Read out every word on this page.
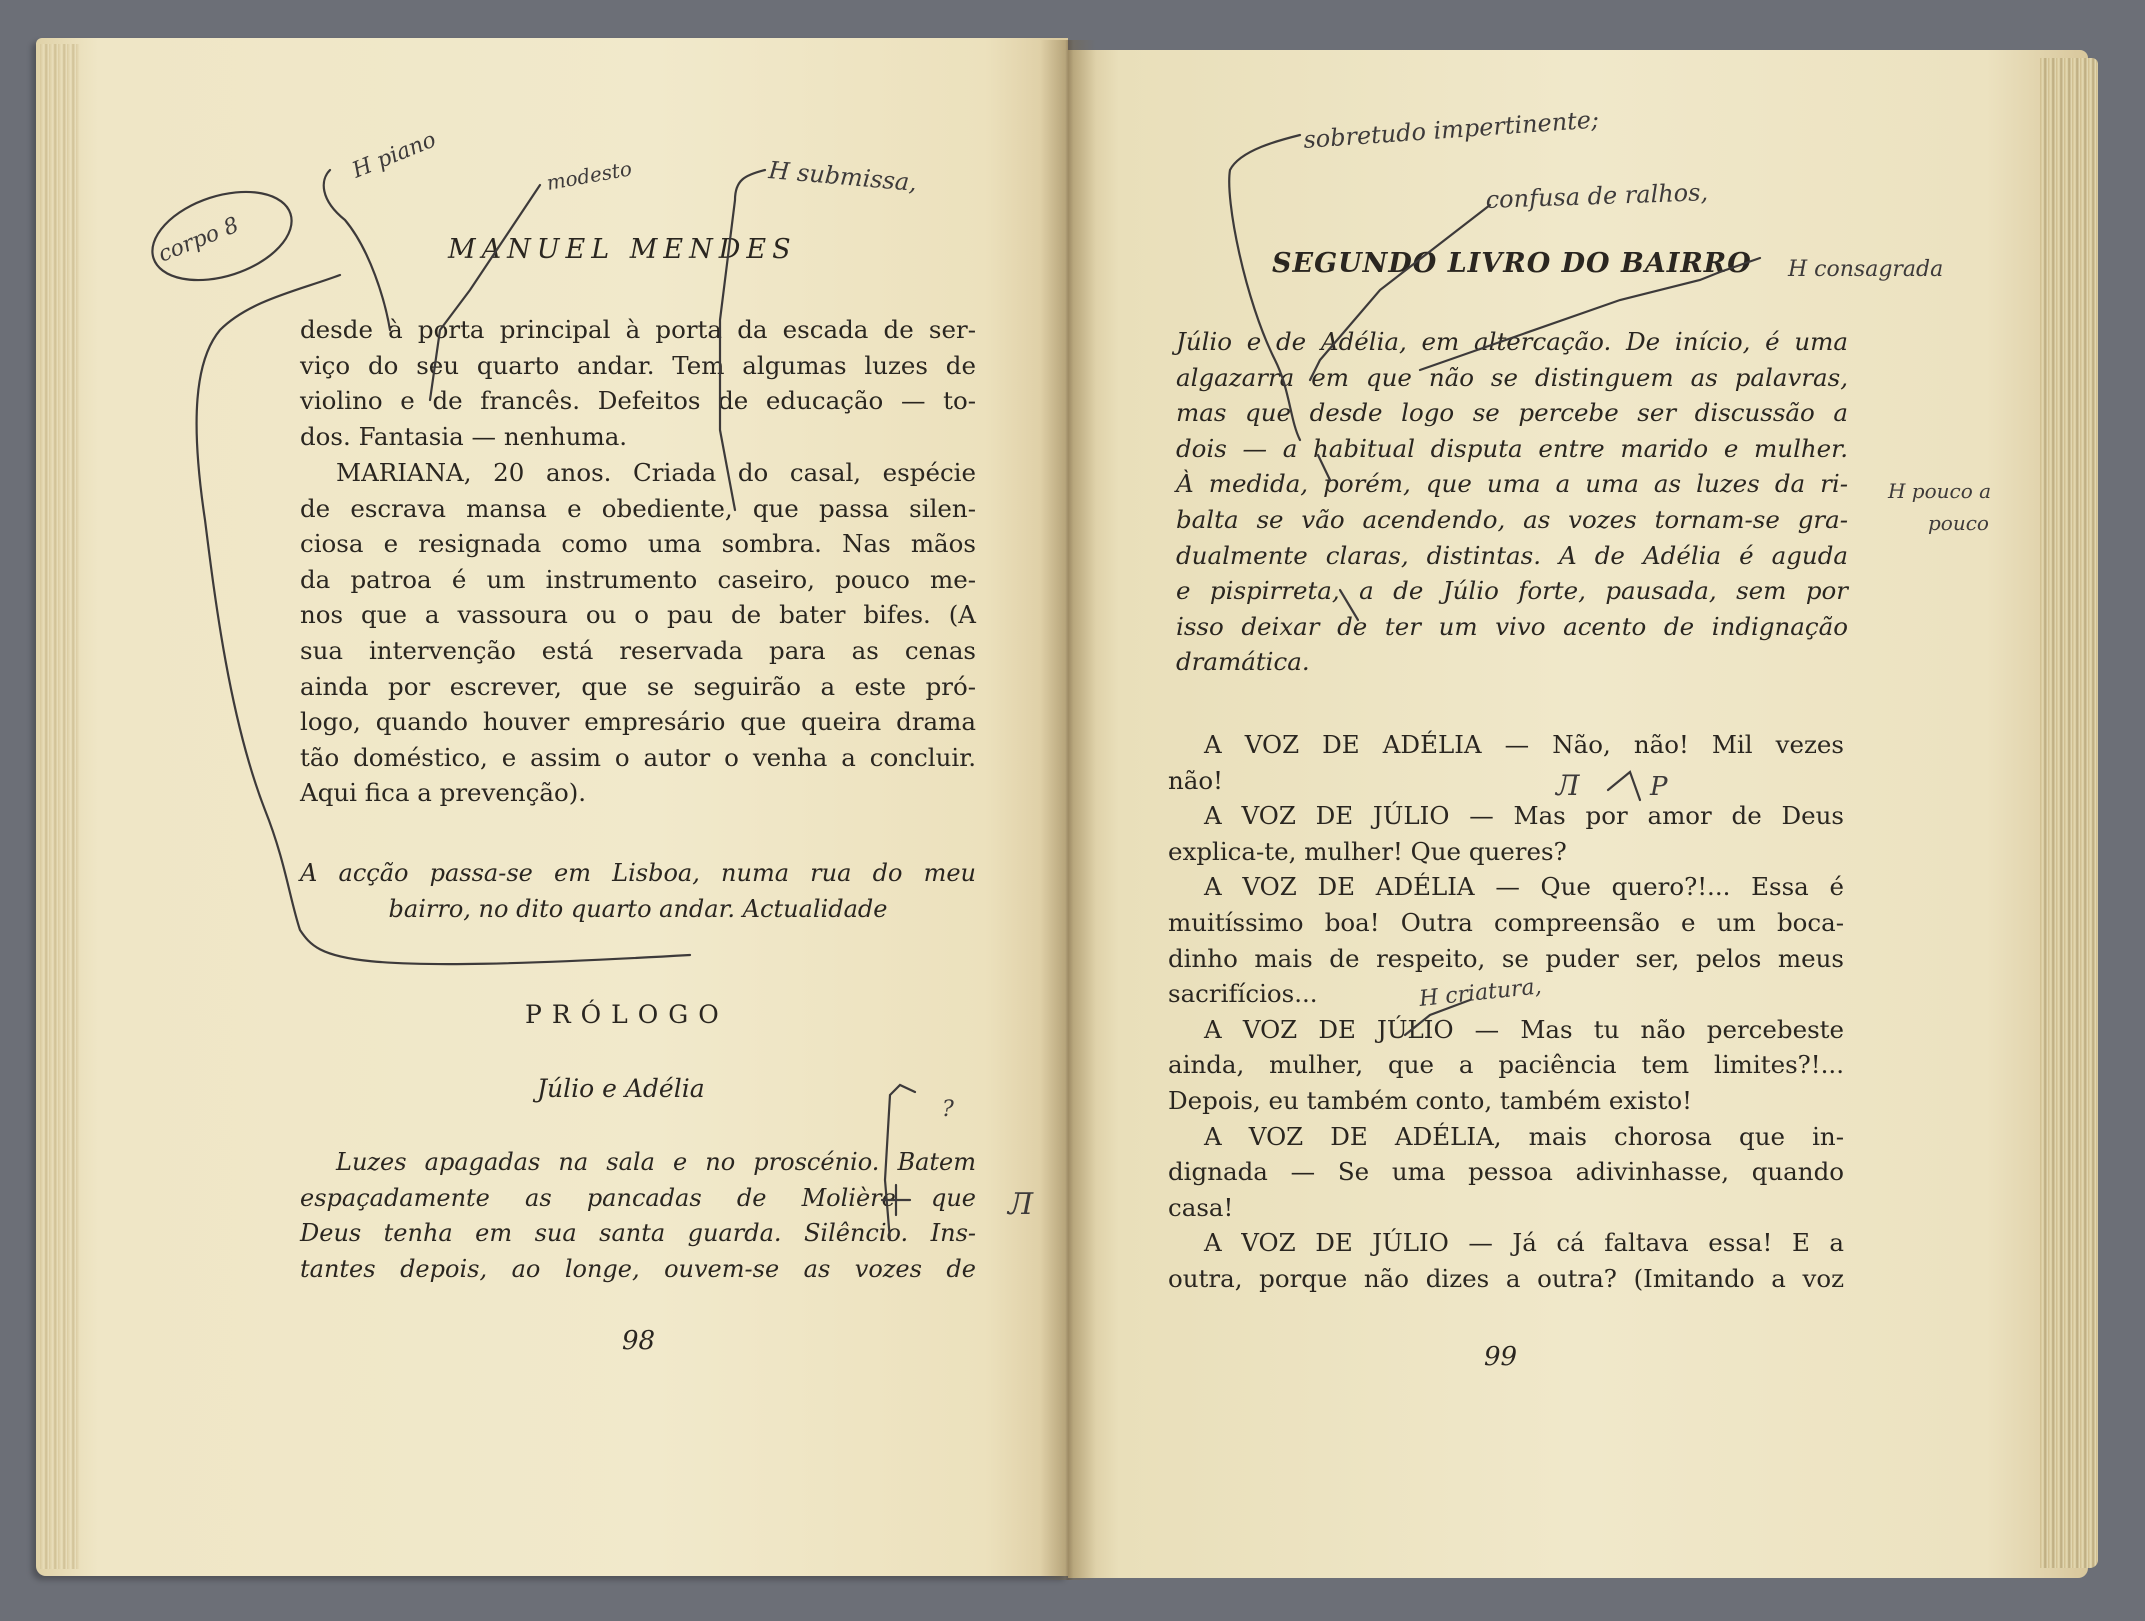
MANUEL MENDES
desde à porta principal à porta da escada de ser-
viço do seu quarto andar. Tem algumas luzes de
violino e de francês. Defeitos de educação — to-
dos. Fantasia — nenhuma.
MARIANA, 20 anos. Criada do casal, espécie
de escrava mansa e obediente, que passa silen-
ciosa e resignada como uma sombra. Nas mãos
da patroa é um instrumento caseiro, pouco me-
nos que a vassoura ou o pau de bater bifes. (A
sua intervenção está reservada para as cenas
ainda por escrever, que se seguirão a este pró-
logo, quando houver empresário que queira drama
tão doméstico, e assim o autor o venha a concluir.
Aqui fica a prevenção).
A acção passa-se em Lisboa, numa rua do meu
bairro, no dito quarto andar. Actualidade
PRÓLOGO
Júlio e Adélia
Luzes apagadas na sala e no proscénio. Batem
espaçadamente as pancadas de Molière que
Deus tenha em sua santa guarda. Silêncio. Ins-
tantes depois, ao longe, ouvem-se as vozes de
98
SEGUNDO LIVRO DO BAIRRO
Júlio e de Adélia, em altercação. De início, é uma
algazarra em que não se distinguem as palavras,
mas que desde logo se percebe ser discussão a
dois — a habitual disputa entre marido e mulher.
À medida, porém, que uma a uma as luzes da ri-
balta se vão acendendo, as vozes tornam-se gra-
dualmente claras, distintas. A de Adélia é aguda
e pispirreta, a de Júlio forte, pausada, sem por
isso deixar de ter um vivo acento de indignação
dramática.
A VOZ DE ADÉLIA — Não, não! Mil vezes
não!
A VOZ DE JÚLIO — Mas por amor de Deus
explica-te, mulher! Que queres?
A VOZ DE ADÉLIA — Que quero?!... Essa é
muitíssimo boa! Outra compreensão e um boca-
dinho mais de respeito, se puder ser, pelos meus
sacrifícios...
A VOZ DE JÚLIO — Mas tu não percebeste
ainda, mulher, que a paciência tem limites?!...
Depois, eu também conto, também existo!
A VOZ DE ADÉLIA, mais chorosa que in-
dignada — Se uma pessoa adivinhasse, quando
casa!
A VOZ DE JÚLIO — Já cá faltava essa! E a
outra, porque não dizes a outra? (Imitando a voz
99
corpo 8
H piano	modesto	H submissa,
sobretudo impertinente;
confusa de ralhos,
H consagrada
H pouco a
pouco
H criatura,
?
Л
Л	P
